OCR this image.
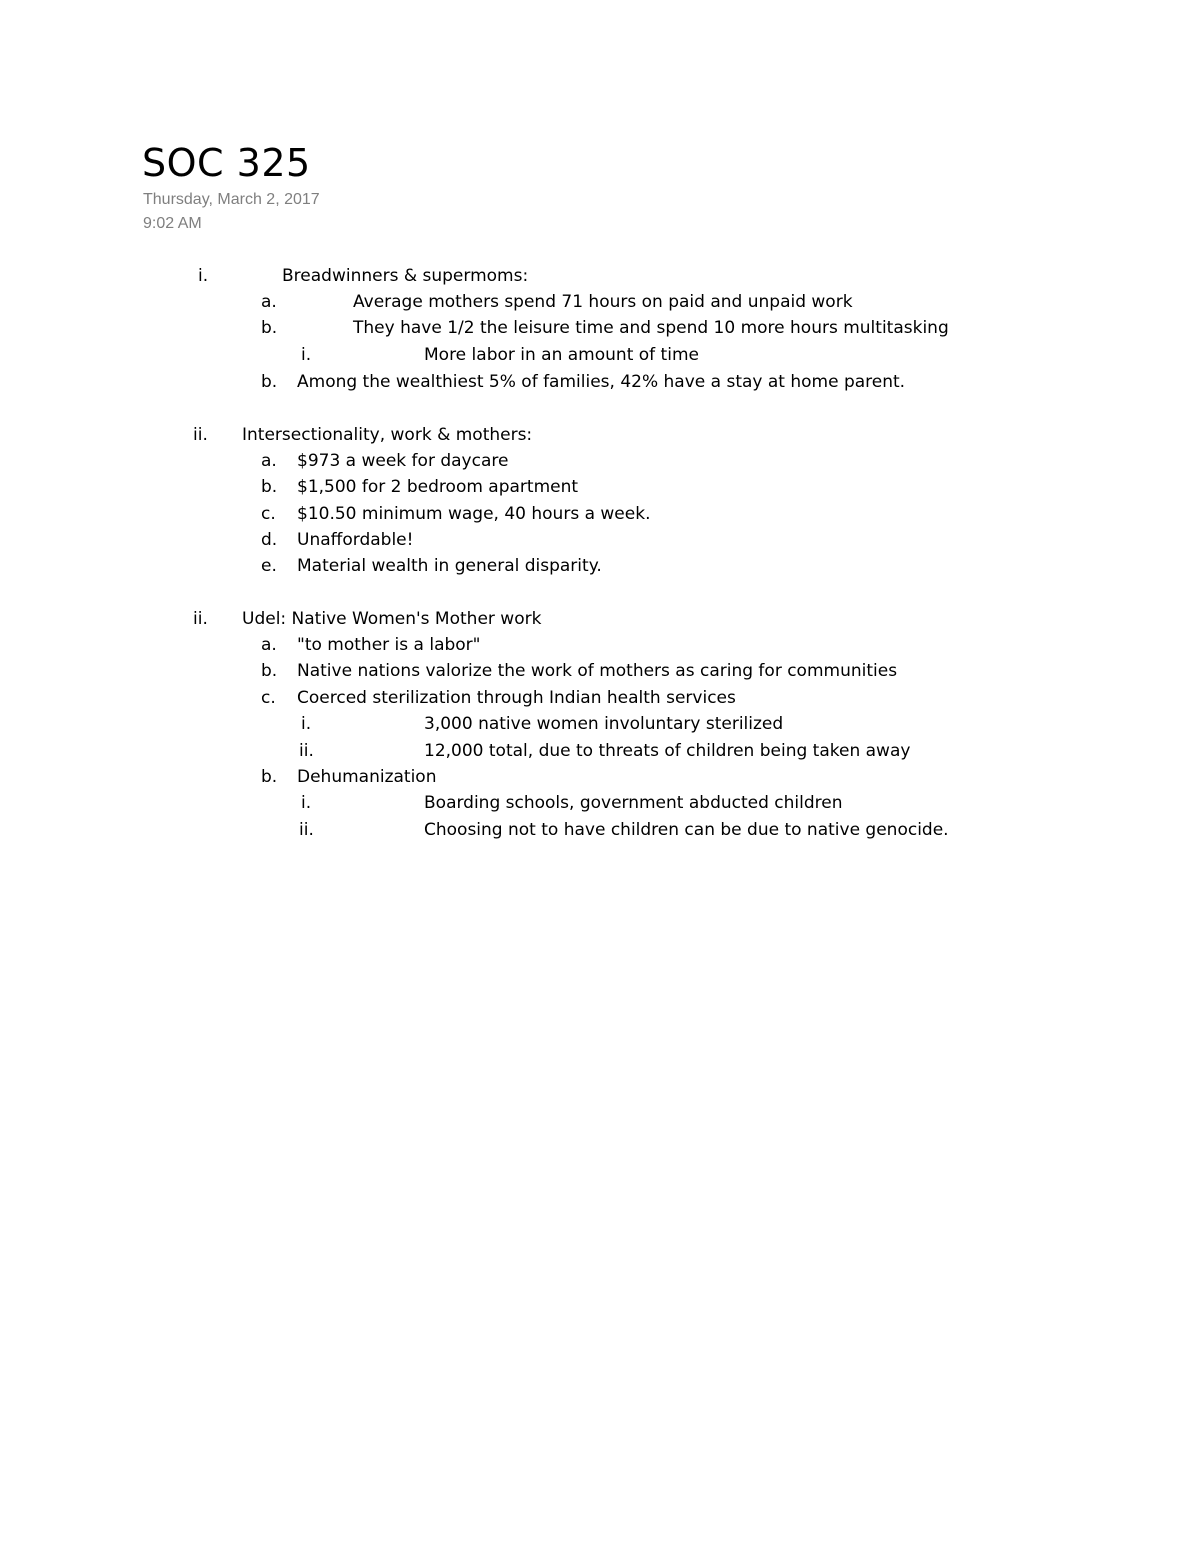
SOC 325
Thursday, March 2, 2017
9:02 AM
i.	Breadwinners & supermoms:
a.	Average mothers spend 71 hours on paid and unpaid work
b.	They have 1/2 the leisure time and spend 10 more hours multitasking
i.	More labor in an amount of time
b. Among the wealthiest 5% of families, 42% have a stay at home parent.
ii. Intersectionality, work & mothers:
a. $973 a week for daycare
b. $1,500 for 2 bedroom apartment
c. $10.50 minimum wage, 40 hours a week.
d. Unaffordable!
e. Material wealth in general disparity.
ii. Udel: Native Women's Mother work
a. "to mother is a labor"
b. Native nations valorize the work of mothers as caring for communities
c. Coerced sterilization through Indian health services
i.	3,000 native women involuntary sterilized
ii.	12,000 total, due to threats of children being taken away
b. Dehumanization
i.	Boarding schools, government abducted children
ii.	Choosing not to have children can be due to native genocide.
